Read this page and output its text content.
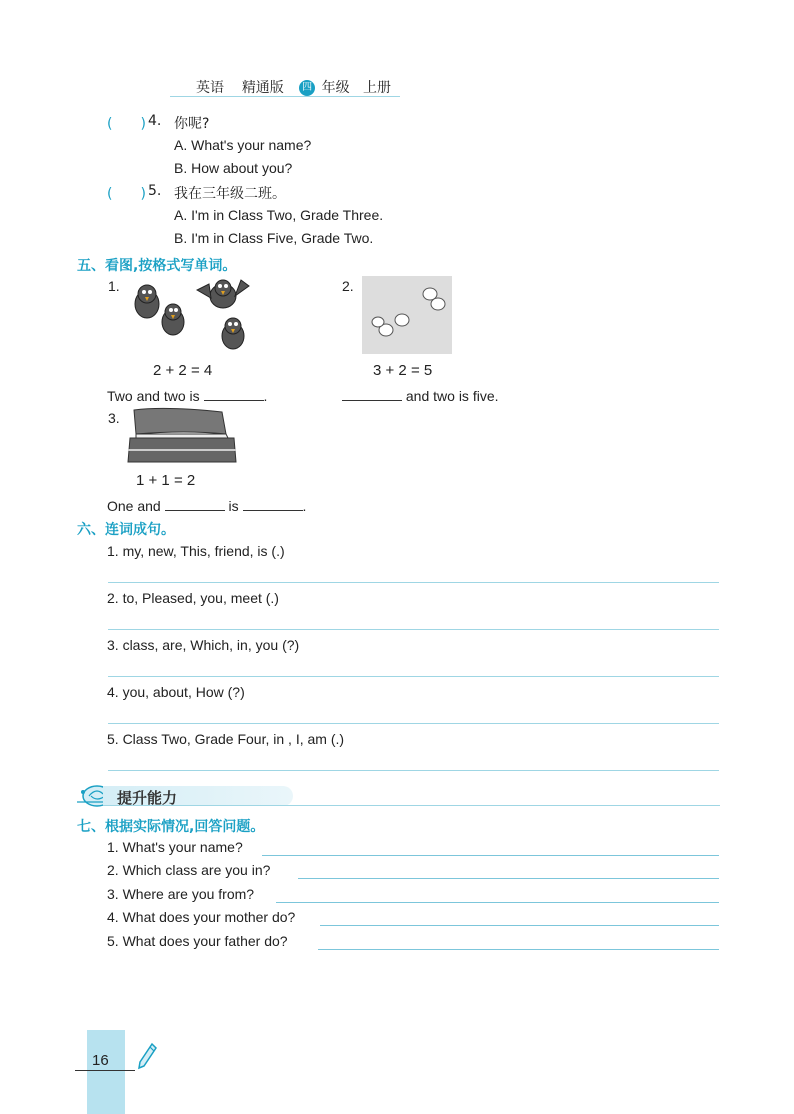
英语 精通版 四 年级 上册
(　　) 4. 你呢?
A. What's your name?
B. How about you?
(　　) 5. 我在三年级二班。
A. I'm in Class Two, Grade Three.
B. I'm in Class Five, Grade Two.
五、看图,按格式写单词。
1.
2 + 2 = 4
2.
3 + 2 = 5
Two and two is	.	and two is five.
3.
1 + 1 = 2
One and	is	.
六、连词成句。
1. my, new, This, friend, is (.)
2. to, Pleased, you, meet (.)
3. class, are, Which, in, you (?)
4. you, about, How (?)
5. Class Two, Grade Four, in , I, am (.)
提升能力
七、根据实际情况,回答问题。
1. What's your name?
2. Which class are you in?
3. Where are you from?
4. What does your mother do?
5. What does your father do?
16
